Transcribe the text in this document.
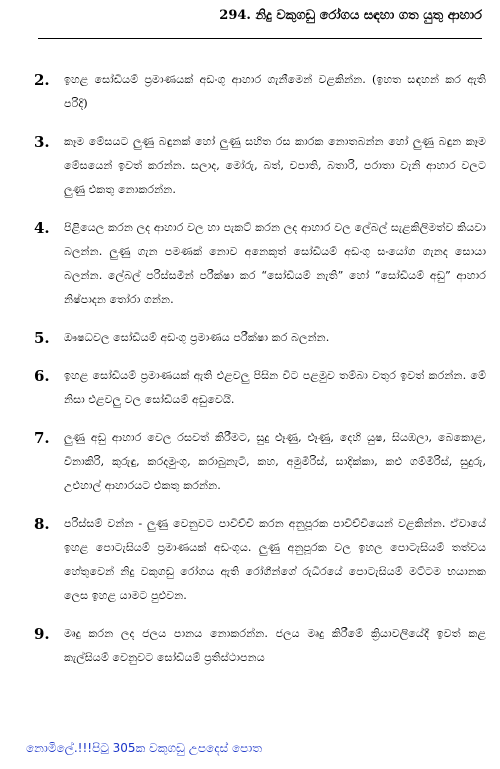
294. නිදු වකුගඩු රෝගය සඳහා ගත යුතු ආහාර
2.	ඉහළ සෝඩියම් ප්‍රමාණයක් අඩංගු ආහාර ගැනීමෙන් වළකින්න. (ඉහත සඳහන් කර ඇති පරිදි)
3.	කෑම මේසයට ලුණු බඳුනක් හෝ ලුණු සහිත රස කාරක නොතබන්න හෝ ලුණු බඳුන කෑම මේසයෙන් ඉවත් කරන්න. සලාද, මෝරු, බත්, චපාති, බතාරි, පරාතා වැනි ආහාර වලට ලුණු එකතු නොකරන්න.
4.	පිළියෙල කරන ලද ආහාර වල හා පැකට් කරන ලද ආහාර වල ලේබල් සැළකිලිමත්ව කියවා බලන්න. ලුණු ගැන පමණක් නොව අනෙකුත් සෝඩියම් අඩංගු සංයෝග ගැනද සොයා බලන්න. ලේබල් පරිස්සමින් පරීක්ෂා කර “සෝඩියම් නැති” හෝ “සෝඩියම් අඩු” ආහාර නිෂ්පාදන තෝරා ගන්න.
5.	ඖෂධවල සෝඩියම් අඩංගු ප්‍රමාණය පරීක්ෂා කර බලන්න.
6.	ඉහළ සෝඩියම් ප්‍රමාණයක් ඇති එළවලු පිසින විට පළමුව තම්බා වතුර ඉවත් කරන්න. මේ නිසා එළවලු වල සෝඩියම් අඩුවෙයි.
7.	ලුණු අඩු ආහාර වෙල රසවත් කිරීමට, සුදු ළූණු, ළූණු, දෙහි යුෂ, සියඹලා, බෙකොළ, විනාකිරි, කුරුඳු, කරදමුංගු, කරාබුනැටි, කහ, අමුමිරිස්, සාදික්කා, කළු ගම්මිරිස්, සුදුරු, උළුහාල් ආහාරයට එකතු කරන්න.
8.	පරිස්සම් වන්න - ලුණු වෙනුවට පාවිච්චි කරන අනුපූරක පාවිච්චියෙන් වළකින්න. ඒවායේ ඉහළ පොටැසියම් ප්‍රමාණයක් අඩංගුය. ලුණු අනුපූරක වල ඉහල පොටැසියම් තත්වය හේතුවෙන් නිදු වකුගඩු රෝගය ඇති රෝගීන්ගේ රුධිරයේ පොටැසියම් මට්ටම භයානක ලෙස ඉහළ යාමට පුළුවන.
9.	මෘදු කරන ලද ජලය පානය නොකරන්න. ජලය මෘදු කිරීමේ ක්‍රියාවලියේදී ඉවත් කළ කැල්සියම් වෙනුවට සෝඩියම් ප්‍රතිස්ථාපනය
නොමිලේ.!!!පිටු 305ක වකුගඩු උපදෙස් පොත
